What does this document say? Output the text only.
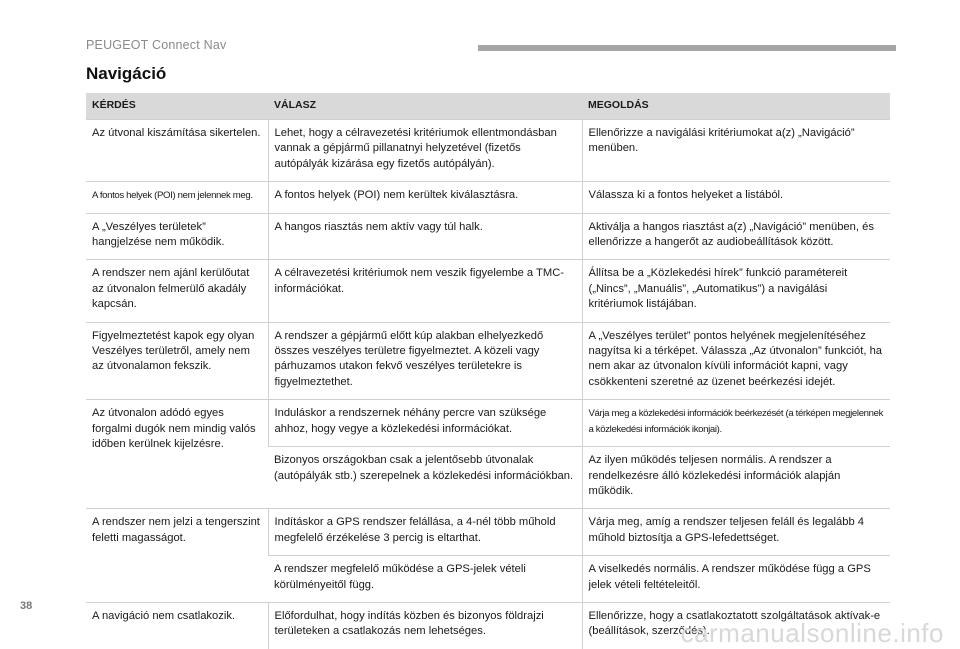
PEUGEOT Connect Nav
Navigáció
KÉRDÉS	VÁLASZ	MEGOLDÁS
Az útvonal kiszámítása sikertelen.	Lehet, hogy a célravezetési kritériumok ellentmondásban vannak a gépjármű pillanatnyi helyzetével (fizetős autópályák kizárása egy fizetős autópályán).	Ellenőrizze a navigálási kritériumokat a(z) „Navigáció” menüben.
A fontos helyek (POI) nem jelennek meg.	A fontos helyek (POI) nem kerültek kiválasztásra.	Válassza ki a fontos helyeket a listából.
A „Veszélyes területek” hangjelzése nem működik.	A hangos riasztás nem aktív vagy túl halk.	Aktiválja a hangos riasztást a(z) „Navigáció” menüben, és ellenőrizze a hangerőt az audiobeállítások között.
A rendszer nem ajánl kerülőutat az útvonalon felmerülő akadály kapcsán.	A célravezetési kritériumok nem veszik figyelembe a TMC-információkat.	Állítsa be a „Közlekedési hírek” funkció paramétereit („Nincs”, „Manuális”, „Automatikus”) a navigálási kritériumok listájában.
Figyelmeztetést kapok egy olyan Veszélyes területről, amely nem az útvonalamon fekszik.	A rendszer a gépjármű előtt kúp alakban elhelyezkedő összes veszélyes területre figyelmeztet. A közeli vagy párhuzamos utakon fekvő veszélyes területekre is figyelmeztethet.	A „Veszélyes terület” pontos helyének megjelenítéséhez nagyítsa ki a térképet. Válassza „Az útvonalon” funkciót, ha nem akar az útvonalon kívüli információt kapni, vagy csökkenteni szeretné az üzenet beérkezési idejét.
Az útvonalon adódó egyes forgalmi dugók nem mindig valós időben kerülnek kijelzésre.	Induláskor a rendszernek néhány percre van szüksége ahhoz, hogy vegye a közlekedési információkat.	Várja meg a közlekedési információk beérkezését (a térképen megjelennek a közlekedési információk ikonjai).
	Bizonyos országokban csak a jelentősebb útvonalak (autópályák stb.) szerepelnek a közlekedési információkban.	Az ilyen működés teljesen normális. A rendszer a rendelkezésre álló közlekedési információk alapján működik.
A rendszer nem jelzi a tengerszint feletti magasságot.	Indításkor a GPS rendszer felállása, a 4-nél több műhold megfelelő érzékelése 3 percig is eltarthat.	Várja meg, amíg a rendszer teljesen feláll és legalább 4 műhold biztosítja a GPS-lefedettséget.
	A rendszer megfelelő működése a GPS-jelek vételi körülményeitől függ.	A viselkedés normális. A rendszer működése függ a GPS jelek vételi feltételeitől.
A navigáció nem csatlakozik.	Előfordulhat, hogy indítás közben és bizonyos földrajzi területeken a csatlakozás nem lehetséges.	Ellenőrizze, hogy a csatlakoztatott szolgáltatások aktívak-e (beállítások, szerződés).
38
carmanualsonline.info
